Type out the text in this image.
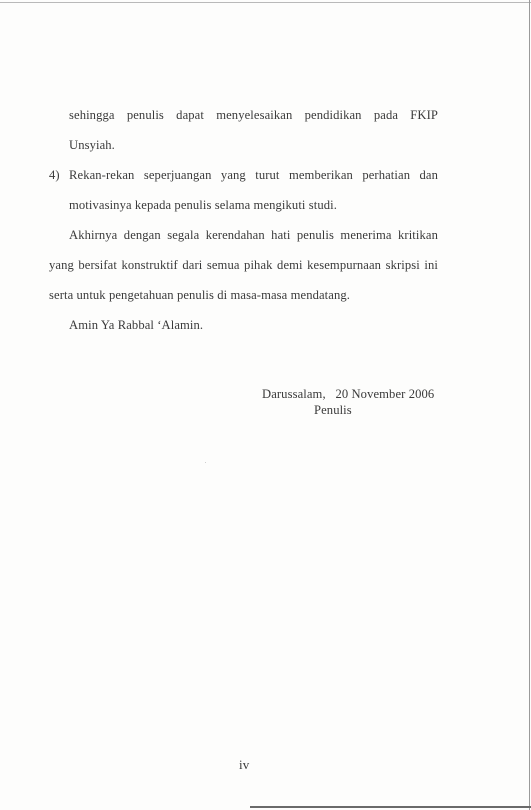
sehingga penulis dapat menyelesaikan pendidikan pada FKIP

Unsyiah.

4) Rekan-rekan seperjuangan yang turut memberikan perhatian dan

motivasinya kepada penulis selama mengikuti studi.

Akhirnya dengan segala kerendahan hati penulis menerima kritikan

yang bersifat konstruktif dari semua pihak demi kesempurnaan skripsi ini

serta untuk pengetahuan penulis di masa-masa mendatang.

Amin Ya Rabbal ‘Alamin.

Darussalam,   20 November 2006

Penulis

iv
